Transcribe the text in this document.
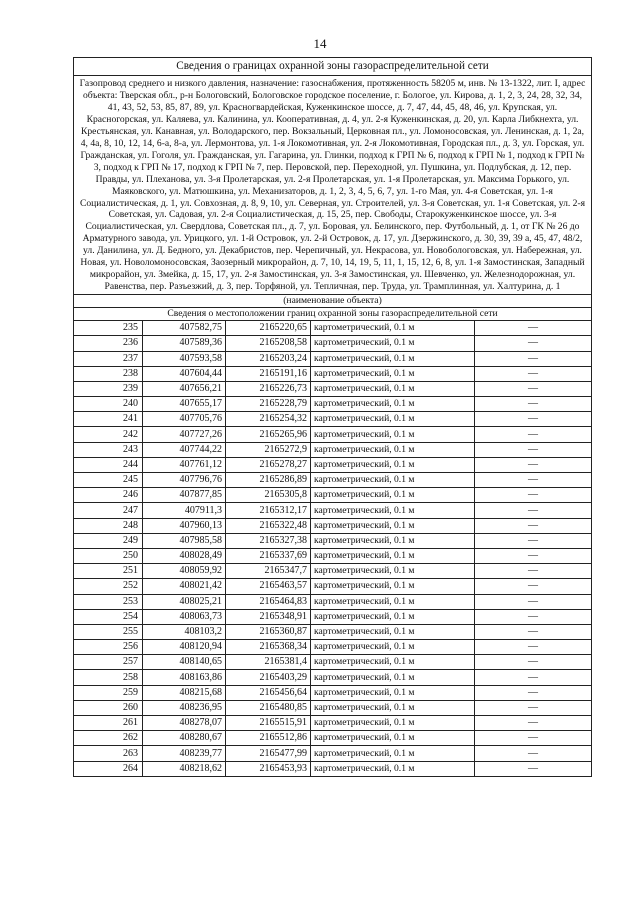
14
Сведения о границах охранной зоны газораспределительной сети
Газопровод среднего и низкого давления, назначение: газоснабжения, протяженность 58205 м, инв. № 13-1322, лит. I, адрес объекта: Тверская обл., р-н Бологовский, Бологовское городское поселение, г. Бологое, ул. Кирова, д. 1, 2, 3, 24, 28, 32, 34, 41, 43, 52, 53, 85, 87, 89, ул. Красногвардейская, Куженкинское шоссе, д. 7, 47, 44, 45, 48, 46, ул. Крупская, ул. Красногорская, ул. Каляева, ул. Калинина, ул. Кооперативная, д. 4, ул. 2-я Куженкинская, д. 20, ул. Карла Либкнехта, ул. Крестьянская, ул. Канавная, ул. Володарского, пер. Вокзальный, Церковная пл., ул. Ломоносовская, ул. Ленинская, д. 1, 2а, 4, 4а, 8, 10, 12, 14, 6-а, 8-а, ул. Лермонтова, ул. 1-я Локомотивная, ул. 2-я Локомотивная, Городская пл., д. 3, ул. Горская, ул. Гражданская, ул. Гоголя, ул. Гражданская, ул. Гагарина, ул. Глинки, подход к ГРП № 6, подход к ГРП № 1, подход к ГРП № 3, подход к ГРП № 17, подход к ГРП № 7, пер. Перовской, пер. Переходной, ул. Пушкина, ул. Подлубская, д. 12, пер. Правды, ул. Плеханова, ул. 3-я Пролетарская, ул. 2-я Пролетарская, ул. 1-я Пролетарская, ул. Максима Горького, ул. Маяковского, ул. Матюшкина, ул. Механизаторов, д. 1, 2, 3, 4, 5, 6, 7, ул. 1-го Мая, ул. 4-я Советская, ул. 1-я Социалистическая, д. 1, ул. Совхозная, д. 8, 9, 10, ул. Северная, ул. Строителей, ул. 3-я Советская, ул. 1-я Советская, ул. 2-я Советская, ул. Садовая, ул. 2-я Социалистическая, д. 15, 25, пер. Свободы, Старокуженкинское шоссе, ул. 3-я Социалистическая, ул. Свердлова, Советская пл., д. 7, ул. Боровая, ул. Белинского, пер. Футбольный, д. 1, от ГК № 26 до Арматурного завода, ул. Урицкого, ул. 1-й Островок, ул. 2-й Островок, д. 17, ул. Дзержинского, д. 30, 39, 39 а, 45, 47, 48/2, ул. Данилина, ул. Д. Бедного, ул. Декабристов, пер. Черепичный, ул. Некрасова, ул. Новобологовская, ул. Набережная, ул. Новая, ул. Новоломоносовская, Заозерный микрорайон, д. 7, 10, 14, 19, 5, 11, 1, 15, 12, 6, 8, ул. 1-я Замостинская, Западный микрорайон, ул. Змейка, д. 15, 17, ул. 2-я Замостинская, ул. 3-я Замостинская, ул. Шевченко, ул. Железнодорожная, ул. Равенства, пер. Разъезжий, д. 3, пер. Торфяной, ул. Тепличная, пер. Труда, ул. Трамплинная, ул. Халтурина, д. 1
(наименование объекта)
Сведения о местоположении границ охранной зоны газораспределительной сети
235	407582,75	2165220,65	картометрический, 0.1 м	—
236	407589,36	2165208,58	картометрический, 0.1 м	—
237	407593,58	2165203,24	картометрический, 0.1 м	—
238	407604,44	2165191,16	картометрический, 0.1 м	—
239	407656,21	2165226,73	картометрический, 0.1 м	—
240	407655,17	2165228,79	картометрический, 0.1 м	—
241	407705,76	2165254,32	картометрический, 0.1 м	—
242	407727,26	2165265,96	картометрический, 0.1 м	—
243	407744,22	2165272,9	картометрический, 0.1 м	—
244	407761,12	2165278,27	картометрический, 0.1 м	—
245	407796,76	2165286,89	картометрический, 0.1 м	—
246	407877,85	2165305,8	картометрический, 0.1 м	—
247	407911,3	2165312,17	картометрический, 0.1 м	—
248	407960,13	2165322,48	картометрический, 0.1 м	—
249	407985,58	2165327,38	картометрический, 0.1 м	—
250	408028,49	2165337,69	картометрический, 0.1 м	—
251	408059,92	2165347,7	картометрический, 0.1 м	—
252	408021,42	2165463,57	картометрический, 0.1 м	—
253	408025,21	2165464,83	картометрический, 0.1 м	—
254	408063,73	2165348,91	картометрический, 0.1 м	—
255	408103,2	2165360,87	картометрический, 0.1 м	—
256	408120,94	2165368,34	картометрический, 0.1 м	—
257	408140,65	2165381,4	картометрический, 0.1 м	—
258	408163,86	2165403,29	картометрический, 0.1 м	—
259	408215,68	2165456,64	картометрический, 0.1 м	—
260	408236,95	2165480,85	картометрический, 0.1 м	—
261	408278,07	2165515,91	картометрический, 0.1 м	—
262	408280,67	2165512,86	картометрический, 0.1 м	—
263	408239,77	2165477,99	картометрический, 0.1 м	—
264	408218,62	2165453,93	картометрический, 0.1 м	—
